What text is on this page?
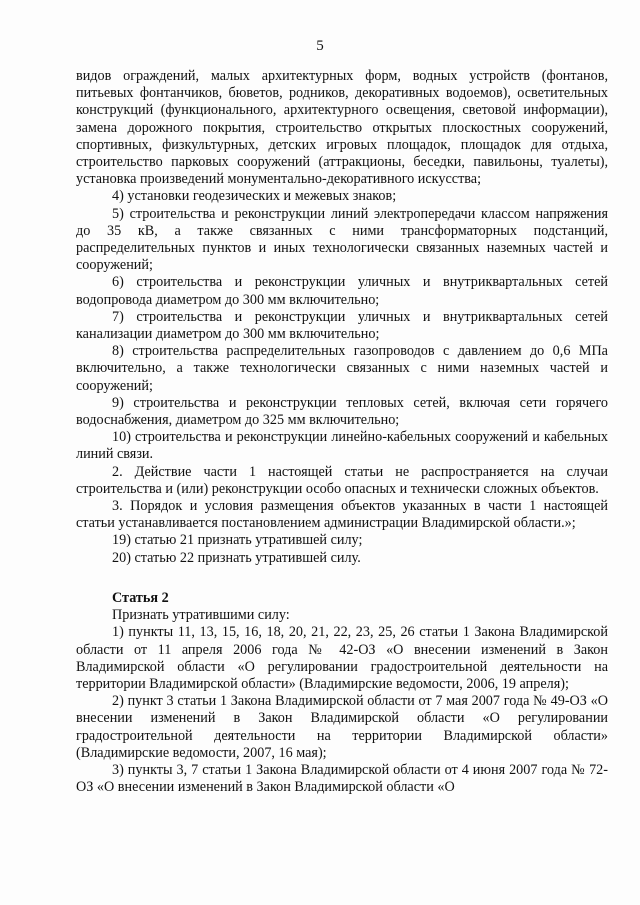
5

видов ограждений, малых архитектурных форм, водных устройств (фонтанов, питьевых фонтанчиков, бюветов, родников, декоративных водоемов), осветительных конструкций (функционального, архитектурного освещения, световой информации), замена дорожного покрытия, строительство открытых плоскостных сооружений, спортивных, физкультурных, детских игровых площадок, площадок для отдыха, строительство парковых сооружений (аттракционы, беседки, павильоны, туалеты), установка произведений монументально-декоративного искусства;

4) установки геодезических и межевых знаков;

5) строительства и реконструкции линий электропередачи классом напряжения до 35 кВ, а также связанных с ними трансформаторных подстанций, распределительных пунктов и иных технологически связанных наземных частей и сооружений;

6) строительства и реконструкции уличных и внутриквартальных сетей водопровода диаметром до 300 мм включительно;

7) строительства и реконструкции уличных и внутриквартальных сетей канализации диаметром до 300 мм включительно;

8) строительства распределительных газопроводов с давлением до 0,6 МПа включительно, а также технологически связанных с ними наземных частей и сооружений;

9) строительства и реконструкции тепловых сетей, включая сети горячего водоснабжения, диаметром до 325 мм включительно;

10) строительства и реконструкции линейно-кабельных сооружений и кабельных линий связи.

2. Действие части 1 настоящей статьи не распространяется на случаи строительства и (или) реконструкции особо опасных и технически сложных объектов.

3. Порядок и условия размещения объектов указанных в части 1 настоящей статьи устанавливается постановлением администрации Владимирской области.»;

19) статью 21 признать утратившей силу;

20) статью 22 признать утратившей силу.

Статья 2

Признать утратившими силу:

1) пункты 11, 13, 15, 16, 18, 20, 21, 22, 23, 25, 26 статьи 1 Закона Владимирской области от 11 апреля 2006 года № 42-ОЗ «О внесении изменений в Закон Владимирской области «О регулировании градостроительной деятельности на территории Владимирской области» (Владимирские ведомости, 2006, 19 апреля);

2) пункт 3 статьи 1 Закона Владимирской области от 7 мая 2007 года № 49-ОЗ «О внесении изменений в Закон Владимирской области «О регулировании градостроительной деятельности на территории Владимирской области» (Владимирские ведомости, 2007, 16 мая);

3) пункты 3, 7 статьи 1 Закона Владимирской области от 4 июня 2007 года № 72-ОЗ «О внесении изменений в Закон Владимирской области «О
